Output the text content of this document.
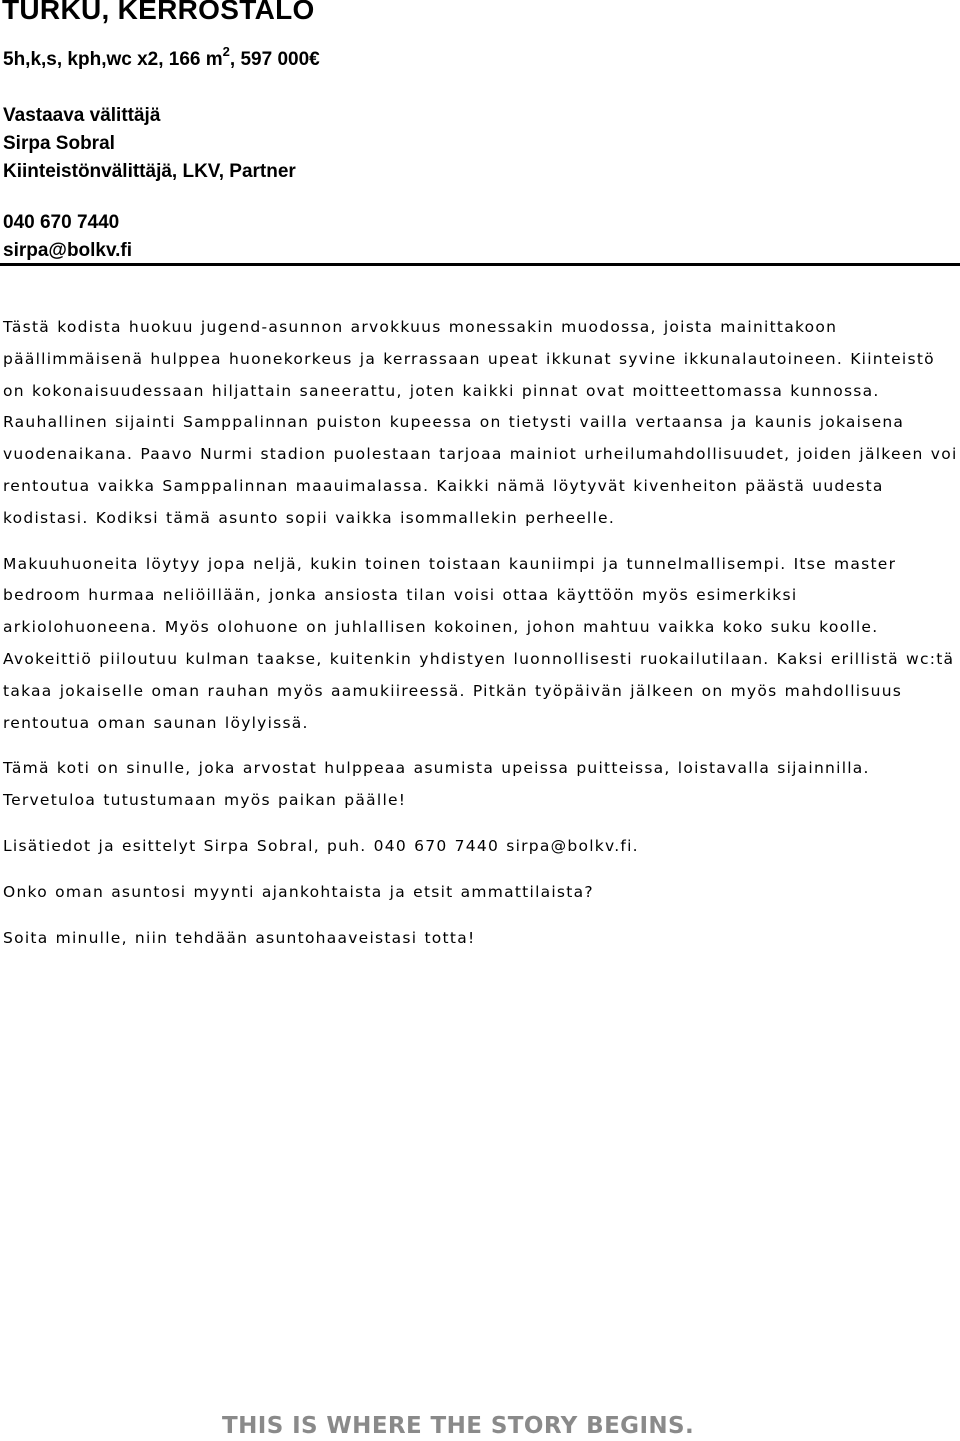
TURKU, KERROSTALO
5h,k,s, kph,wc x2, 166 $m^2$, 597 000€
Vastaava välittäjä
Sirpa Sobral
Kiinteistönvälittäjä, LKV, Partner
040 670 7440
sirpa@bolkv.fi

Tästä kodista huokuu jugend-asunnon arvokkuus monessakin muodossa, joista mainittakoon päällimmäisenä hulppea huonekorkeus ja kerrassaan upeat ikkunat syvine ikkunalautoineen. Kiinteistö on kokonaisuudessaan hiljattain saneerattu, joten kaikki pinnat ovat moitteettomassa kunnossa. Rauhallinen sijainti Samppalinnan puiston kupeessa on tietysti vailla vertaansa ja kaunis jokaisena vuodenaikana. Paavo Nurmi stadion puolestaan tarjoaa mainiot urheilumahdollisuudet, joiden jälkeen voi rentoutua vaikka Samppalinnan maauimalassa. Kaikki nämä löytyvät kivenheiton päästä uudesta kodistasi. Kodiksi tämä asunto sopii vaikka isommallekin perheelle.

Makuuhuoneita löytyy jopa neljä, kukin toinen toistaan kauniimpi ja tunnelmallisempi. Itse master bedroom hurmaa neliöillään, jonka ansiosta tilan voisi ottaa käyttöön myös esimerkiksi arkiolohuoneena. Myös olohuone on juhlallisen kokoinen, johon mahtuu vaikka koko suku koolle. Avokeittiö piiloutuu kulman taakse, kuitenkin yhdistyen luonnollisesti ruokailutilaan. Kaksi erillistä wc:tä takaa jokaiselle oman rauhan myös aamukiireessä. Pitkän työpäivän jälkeen on myös mahdollisuus rentoutua oman saunan löylyissä.

Tämä koti on sinulle, joka arvostat hulppeaa asumista upeissa puitteissa, loistavalla sijainnilla. Tervetuloa tutustumaan myös paikan päälle!

Lisätiedot ja esittelyt Sirpa Sobral, puh. 040 670 7440 sirpa@bolkv.fi.

Onko oman asuntosi myynti ajankohtaista ja etsit ammattilaista?

Soita minulle, niin tehdään asuntohaaveistasi totta!

THIS IS WHERE THE STORY BEGINS.
